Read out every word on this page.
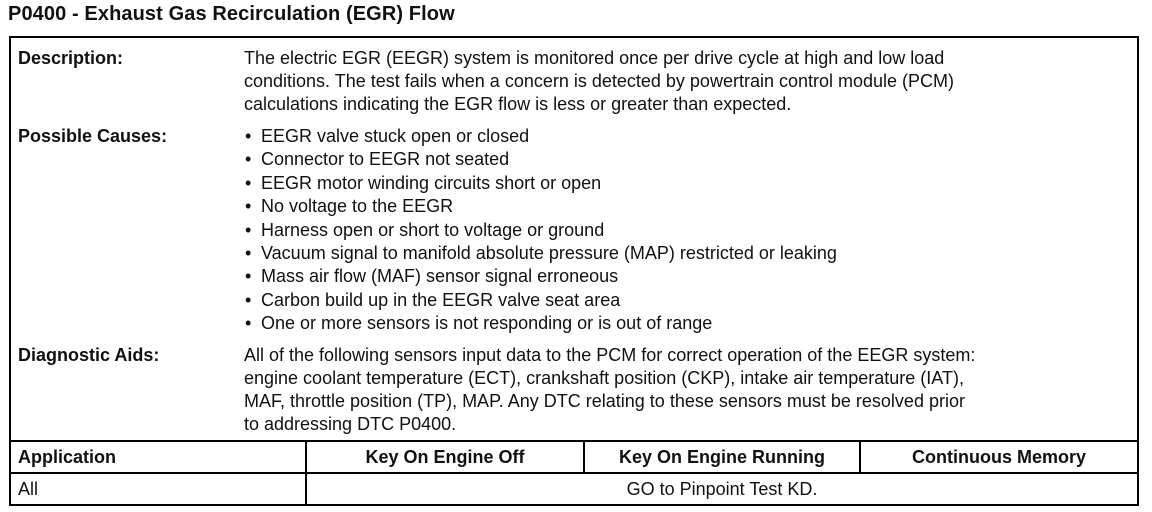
P0400 - Exhaust Gas Recirculation (EGR) Flow
Description:	The electric EGR (EEGR) system is monitored once per drive cycle at high and low load
conditions. The test fails when a concern is detected by powertrain control module (PCM)
calculations indicating the EGR flow is less or greater than expected.
Possible Causes:
•	EEGR valve stuck open or closed
• Connector to EEGR not seated
• EEGR motor winding circuits short or open
• No voltage to the EEGR
• Harness open or short to voltage or ground
• Vacuum signal to manifold absolute pressure (MAP) restricted or leaking
• Mass air flow (MAF) sensor signal erroneous
• Carbon build up in the EEGR valve seat area
• One or more sensors is not responding or is out of range
Diagnostic Aids:	All of the following sensors input data to the PCM for correct operation of the EEGR system:
engine coolant temperature (ECT), crankshaft position (CKP), intake air temperature (IAT),
MAF, throttle position (TP), MAP. Any DTC relating to these sensors must be resolved prior
to addressing DTC P0400.
Application	Key On Engine Off	Key On Engine Running	Continuous Memory
All	GO to Pinpoint Test KD.
